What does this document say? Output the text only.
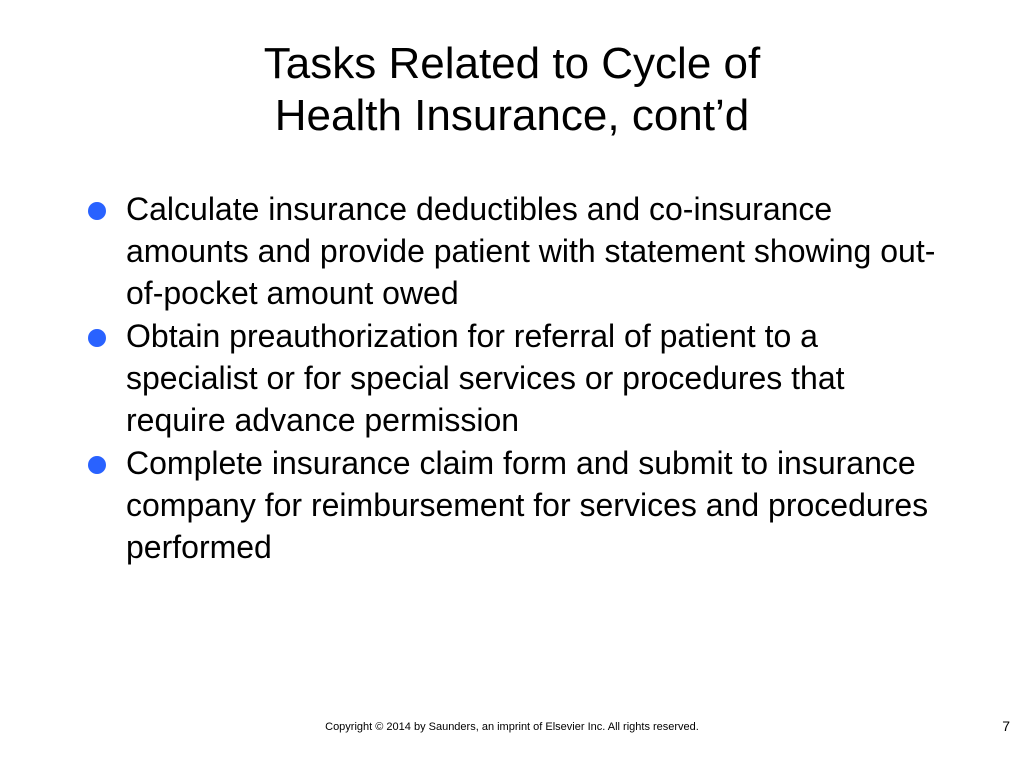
Tasks Related to Cycle of
Health Insurance, cont’d
Calculate insurance deductibles and co-insurance amounts and provide patient with statement showing out-of-pocket amount owed
Obtain preauthorization for referral of patient to a specialist or for special services or procedures that require advance permission
Complete insurance claim form and submit to insurance company for reimbursement for services and procedures performed
Copyright © 2014 by Saunders, an imprint of Elsevier Inc. All rights reserved.	7
